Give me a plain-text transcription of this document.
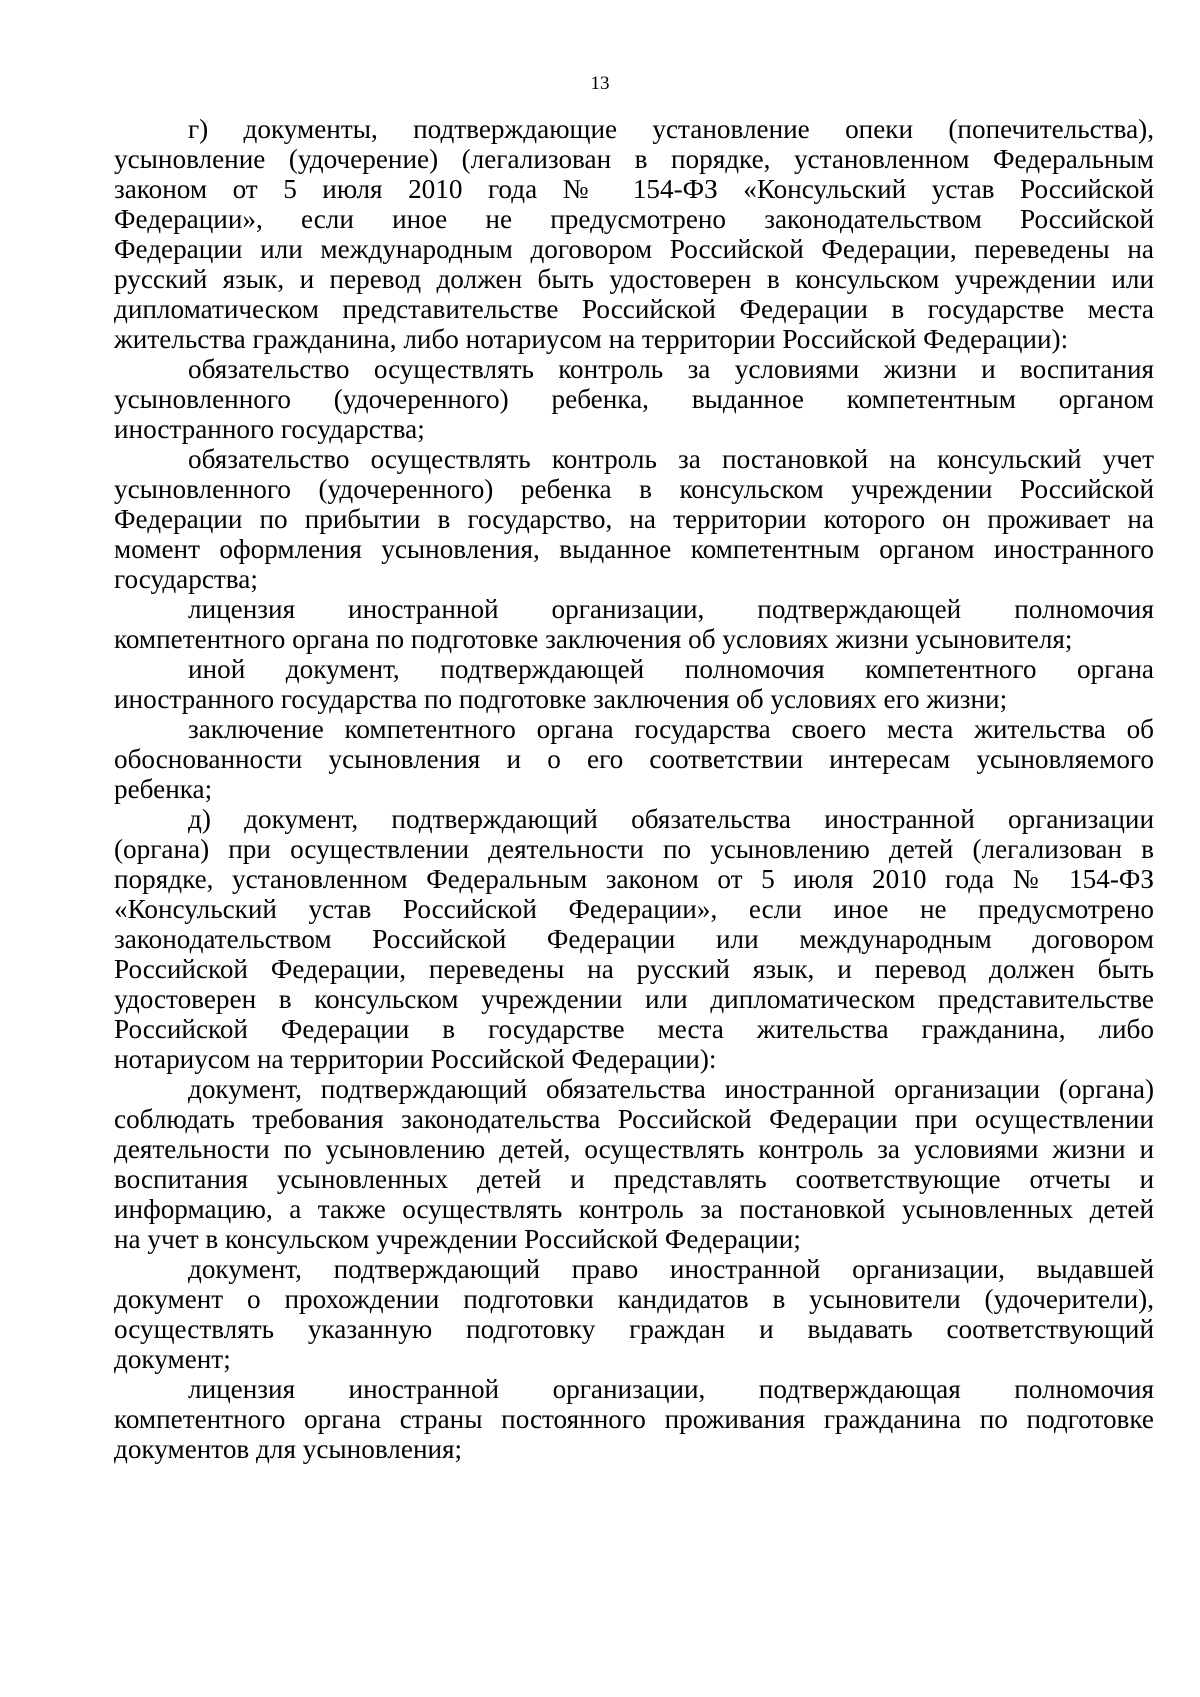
13
г) документы, подтверждающие установление опеки (попечительства),
усыновление (удочерение) (легализован в порядке, установленном Федеральным
законом от 5 июля 2010 года № 154-ФЗ «Консульский устав Российской
Федерации», если иное не предусмотрено законодательством Российской
Федерации или международным договором Российской Федерации, переведены на
русский язык, и перевод должен быть удостоверен в консульском учреждении или
дипломатическом представительстве Российской Федерации в государстве места
жительства гражданина, либо нотариусом на территории Российской Федерации):
обязательство осуществлять контроль за условиями жизни и воспитания
усыновленного (удочеренного) ребенка, выданное компетентным органом
иностранного государства;
обязательство осуществлять контроль за постановкой на консульский учет
усыновленного (удочеренного) ребенка в консульском учреждении Российской
Федерации по прибытии в государство, на территории которого он проживает на
момент оформления усыновления, выданное компетентным органом иностранного
государства;
лицензия иностранной организации, подтверждающей полномочия
компетентного органа по подготовке заключения об условиях жизни усыновителя;
иной документ, подтверждающей полномочия компетентного органа
иностранного государства по подготовке заключения об условиях его жизни;
заключение компетентного органа государства своего места жительства об
обоснованности усыновления и о его соответствии интересам усыновляемого
ребенка;
д) документ, подтверждающий обязательства иностранной организации
(органа) при осуществлении деятельности по усыновлению детей (легализован в
порядке, установленном Федеральным законом от 5 июля 2010 года № 154-ФЗ
«Консульский устав Российской Федерации», если иное не предусмотрено
законодательством Российской Федерации или международным договором
Российской Федерации, переведены на русский язык, и перевод должен быть
удостоверен в консульском учреждении или дипломатическом представительстве
Российской Федерации в государстве места жительства гражданина, либо
нотариусом на территории Российской Федерации):
документ, подтверждающий обязательства иностранной организации (органа)
соблюдать требования законодательства Российской Федерации при осуществлении
деятельности по усыновлению детей, осуществлять контроль за условиями жизни и
воспитания усыновленных детей и представлять соответствующие отчеты и
информацию, а также осуществлять контроль за постановкой усыновленных детей
на учет в консульском учреждении Российской Федерации;
документ, подтверждающий право иностранной организации, выдавшей
документ о прохождении подготовки кандидатов в усыновители (удочерители),
осуществлять указанную подготовку граждан и выдавать соответствующий
документ;
лицензия иностранной организации, подтверждающая полномочия
компетентного органа страны постоянного проживания гражданина по подготовке
документов для усыновления;
